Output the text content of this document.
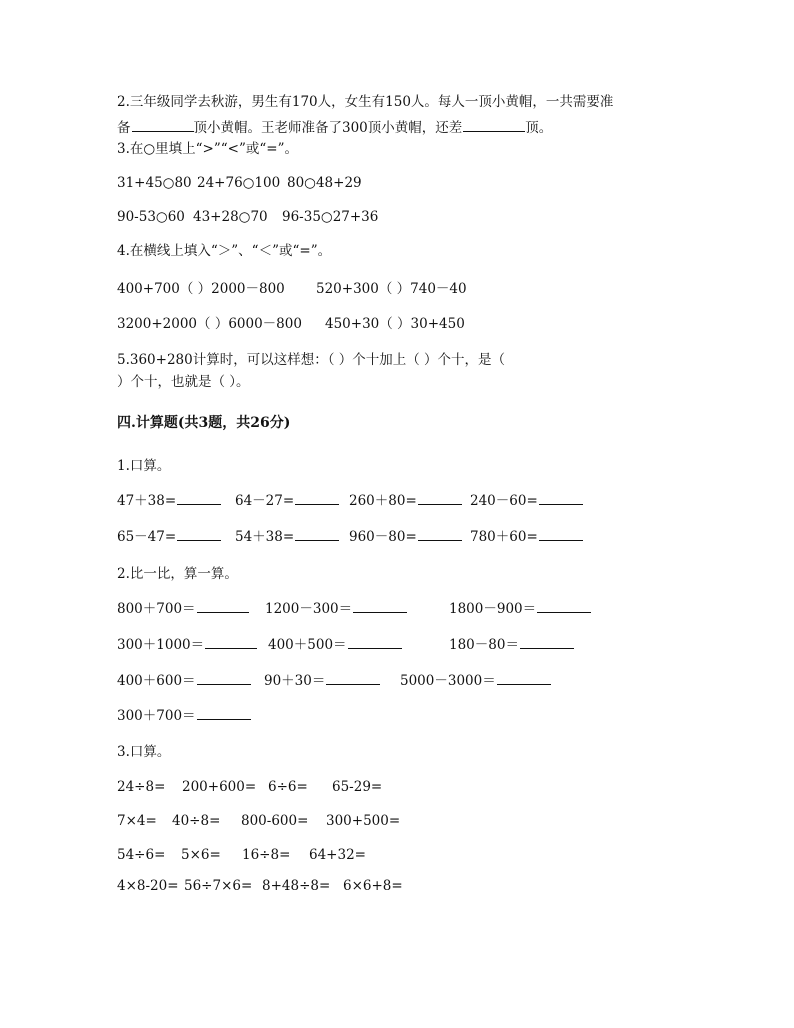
2.三年级同学去秋游，男生有170人，女生有150人。每人一顶小黄帽，一共需要准
备	顶小黄帽。王老师准备了300顶小黄帽，还差	顶。
3.在○里填上“>”“<”或“=”。
31+45○80 24+76○100 80○48+29
90-53○60 43+28○70 96-35○27+36
4.在横线上填入“＞”、“＜”或“=”。
400+700（ ）2000－800 520+300（ ）740－40
3200+2000（ ）6000－800 450+30（ ）30+450
5.360+280计算时，可以这样想：（ ）个十加上（ ）个十，是（
）个十，也就是（ ）。
四.计算题(共3题，共26分)
1.口算。
47＋38=	64－27=	260＋80=	240－60=
65－47=	54＋38=	960－80=	780＋60=
2.比一比，算一算。
800＋700＝	1200－300＝	1800－900＝
300＋1000＝	400＋500＝	180－80＝
400＋600＝	90＋30＝	5000－3000＝
300＋700＝
3.口算。
24÷8= 200+600= 6÷6= 65-29=
7×4= 40÷8= 800-600= 300+500=
54÷6= 5×6= 16÷8= 64+32=
4×8-20= 56÷7×6= 8+48÷8= 6×6+8=
